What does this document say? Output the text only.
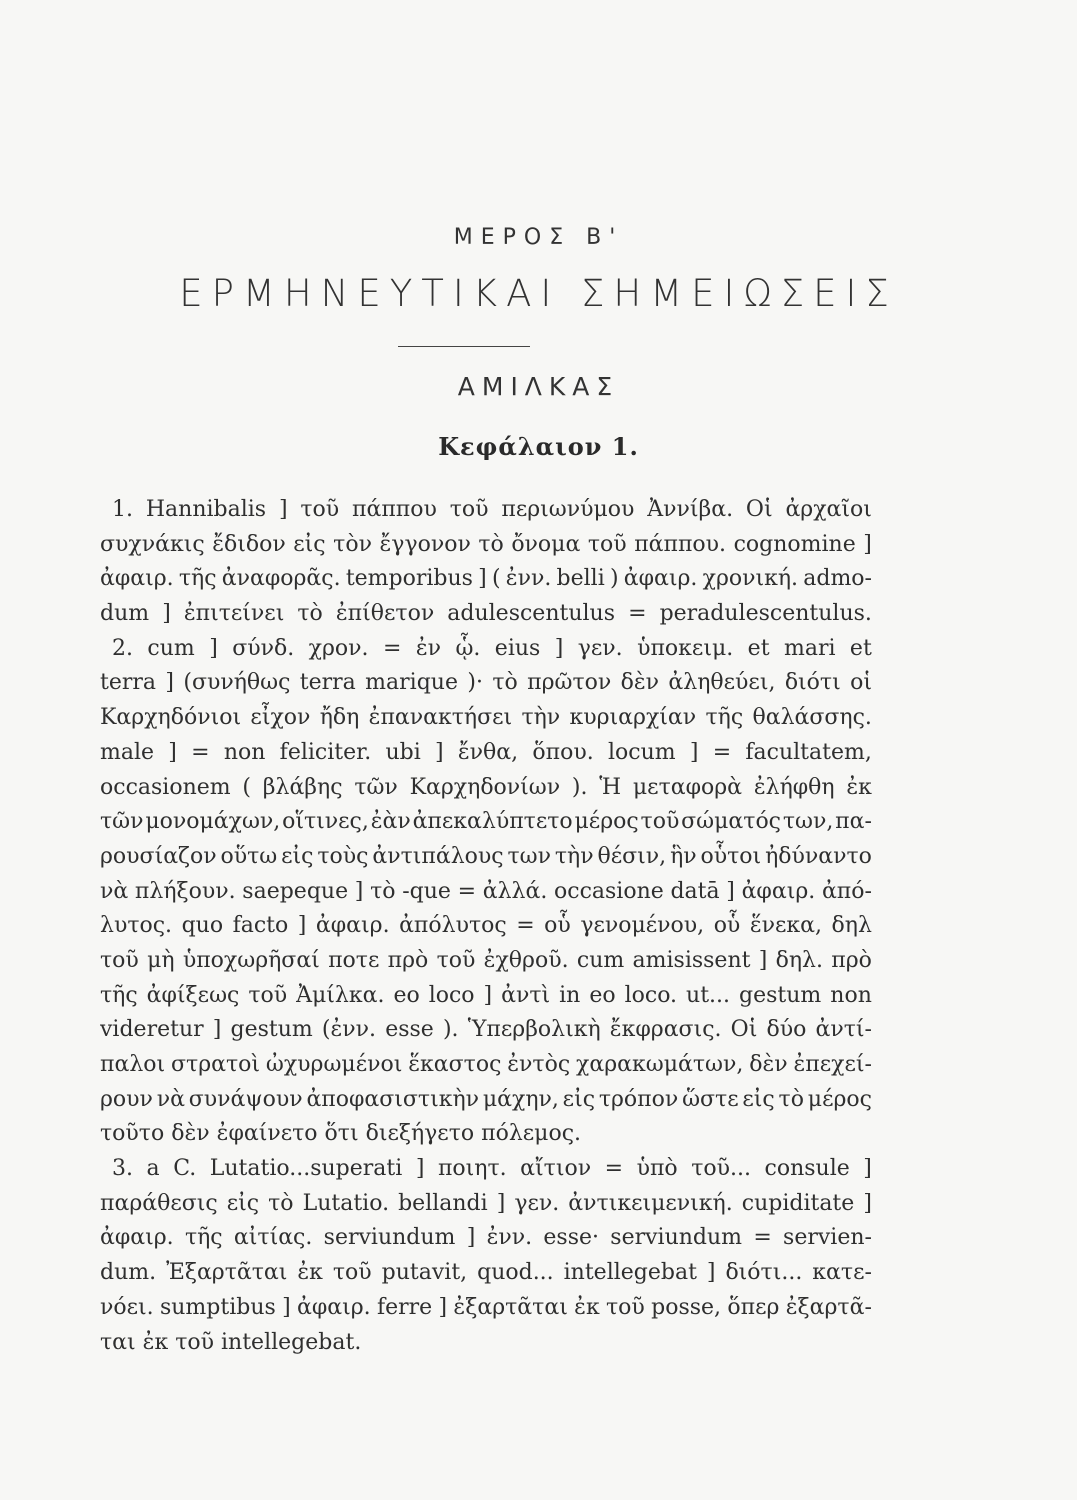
ΜΕΡΟΣ Β'
ΕΡΜΗΝΕΥΤΙΚΑΙ ΣΗΜΕΙΩΣΕΙΣ
ΑΜΙΛΚΑΣ
Κεφάλαιον 1.
1. Hannibalis ] τοῦ πάππου τοῦ περιωνύμου Ἀννίβα. Οἱ ἀρχαῖοι
συχνάκις ἔδιδον εἰς τὸν ἔγγονον τὸ ὄνομα τοῦ πάππου. cognomine ]
ἀφαιρ. τῆς ἀναφορᾶς. temporibus ] ( ἐνν. belli ) ἀφαιρ. χρονική. admo-
dum ] ἐπιτείνει τὸ ἐπίθετον adulescentulus = peradulescentulus.
2. cum ] σύνδ. χρον. = ἐν ᾧ. eius ] γεν. ὑποκειμ. et mari et
terra ] (συνήθως terra marique )· τὸ πρῶτον δὲν ἀληθεύει, διότι οἱ
Καρχηδόνιοι εἶχον ἤδη ἐπανακτήσει τὴν κυριαρχίαν τῆς θαλάσσης.
male ] = non feliciter. ubi ] ἔνθα, ὅπου. locum ] = facultatem,
occasionem ( βλάβης τῶν Καρχηδονίων ). Ἡ μεταφορὰ ἐλήφθη ἐκ
τῶν μονομάχων, οἵτινες, ἐὰν ἀπεκαλύπτετο μέρος τοῦ σώματός των, πα-
ρουσίαζον οὕτω εἰς τοὺς ἀντιπάλους των τὴν θέσιν, ἣν οὗτοι ἠδύναντο
νὰ πλήξουν. saepeque ] τὸ -que = ἀλλά. occasione datā ] ἀφαιρ. ἀπό-
λυτος. quo facto ] ἀφαιρ. ἀπόλυτος = οὗ γενομένου, οὗ ἕνεκα, δηλ
τοῦ μὴ ὑποχωρῆσαί ποτε πρὸ τοῦ ἐχθροῦ. cum amisissent ] δηλ. πρὸ
τῆς ἀφίξεως τοῦ Ἀμίλκα. eo loco ] ἀντὶ in eo loco. ut... gestum non
videretur ] gestum (ἐνν. esse ). Ὑπερβολικὴ ἔκφρασις. Οἱ δύο ἀντί-
παλοι στρατοὶ ὠχυρωμένοι ἕκαστος ἐντὸς χαρακωμάτων, δὲν ἐπεχεί-
ρουν νὰ συνάψουν ἀποφασιστικὴν μάχην, εἰς τρόπον ὥστε εἰς τὸ μέρος
τοῦτο δὲν ἐφαίνετο ὅτι διεξήγετο πόλεμος.
3. a C. Lutatio...superati ] ποιητ. αἴτιον = ὑπὸ τοῦ... consule ]
παράθεσις εἰς τὸ Lutatio. bellandi ] γεν. ἀντικειμενική. cupiditate ]
ἀφαιρ. τῆς αἰτίας. serviundum ] ἐνν. esse· serviundum = servien-
dum. Ἐξαρτᾶται ἐκ τοῦ putavit, quod... intellegebat ] διότι... κατε-
νόει. sumptibus ] ἀφαιρ. ferre ] ἐξαρτᾶται ἐκ τοῦ posse, ὅπερ ἐξαρτᾶ-
ται ἐκ τοῦ intellegebat.
